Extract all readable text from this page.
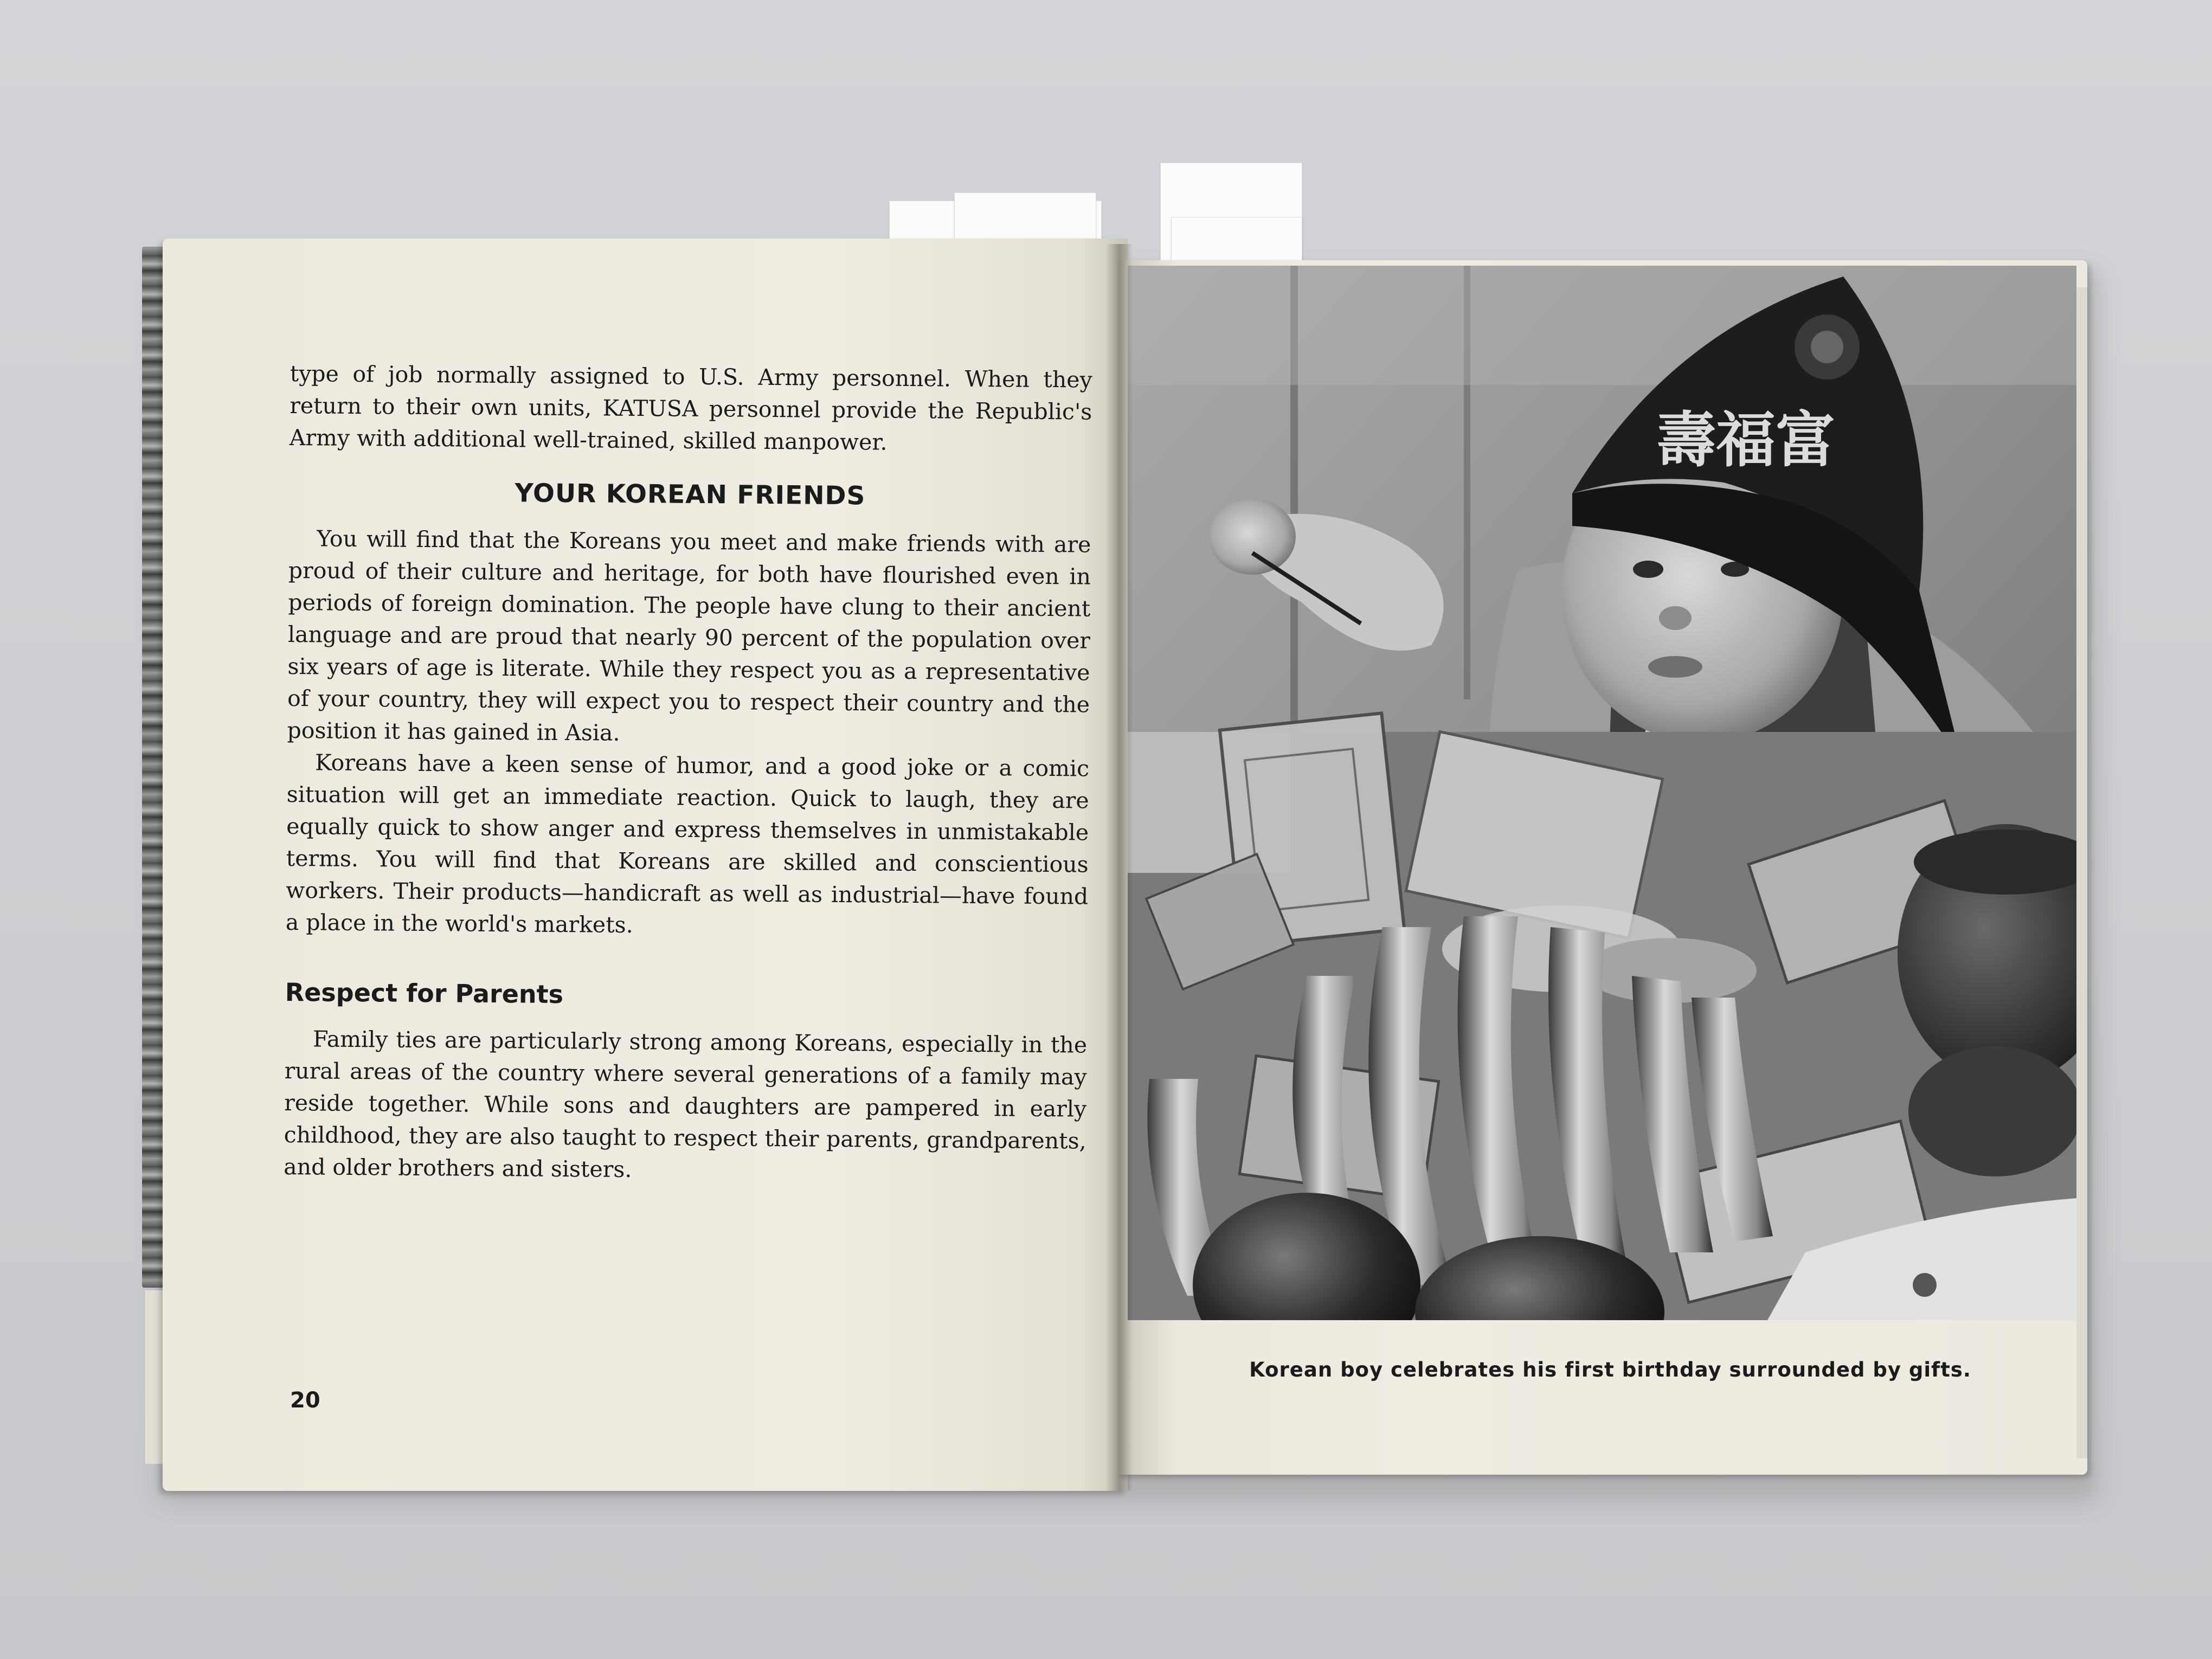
type of job normally assigned to U.S. Army personnel. When they return to their own units, KATUSA personnel provide the Republic's Army with additional well-trained, skilled manpower.

YOUR KOREAN FRIENDS

You will find that the Koreans you meet and make friends with are proud of their culture and heritage, for both have flourished even in periods of foreign domination. The people have clung to their ancient language and are proud that nearly 90 percent of the population over six years of age is literate. While they respect you as a representative of your country, they will expect you to respect their country and the position it has gained in Asia.

Koreans have a keen sense of humor, and a good joke or a comic situation will get an immediate reaction. Quick to laugh, they are equally quick to show anger and express themselves in unmistakable terms. You will find that Koreans are skilled and conscientious workers. Their products—handicraft as well as industrial—have found a place in the world's markets.

Respect for Parents

Family ties are particularly strong among Koreans, especially in the rural areas of the country where several generations of a family may reside together. While sons and daughters are pampered in early childhood, they are also taught to respect their parents, grandparents, and older brothers and sisters.

20
壽福富
Korean boy celebrates his first birthday surrounded by gifts.
